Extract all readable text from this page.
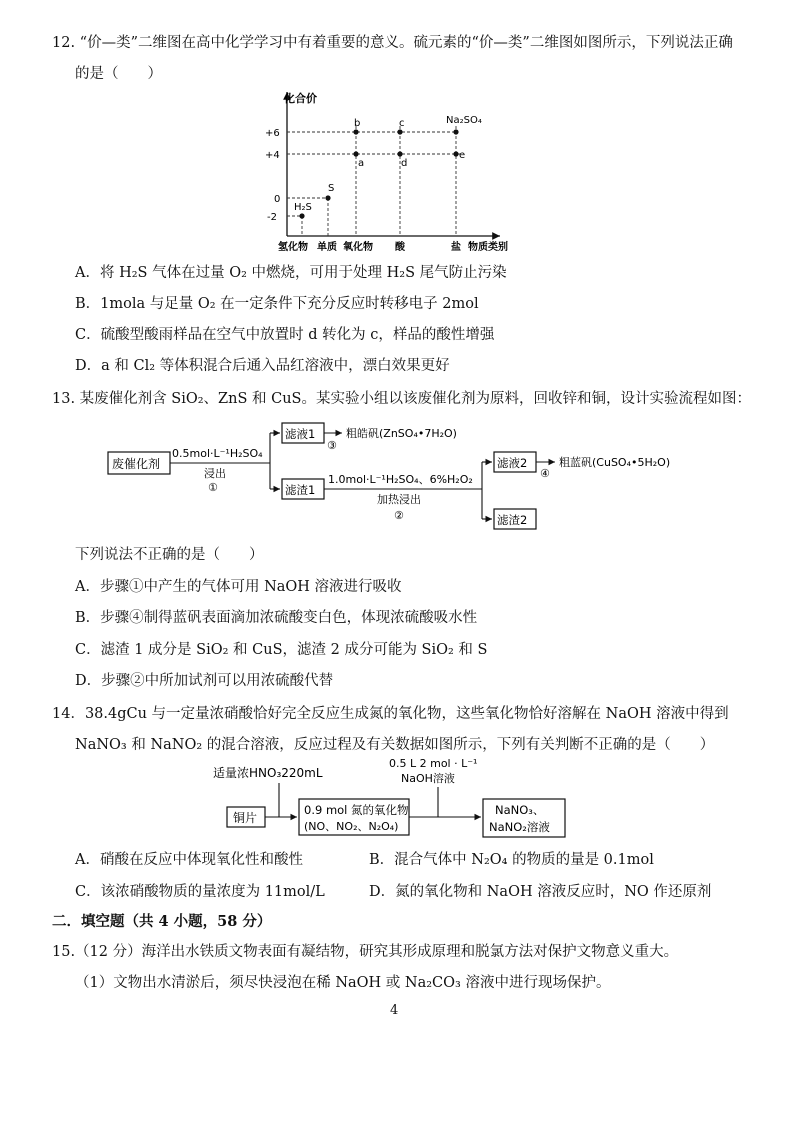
12. “价—类”二维图在高中化学学习中有着重要的意义。硫元素的“价—类”二维图如图所示，下列说法正确
的是（　　）
化合价
+6
+4
0
-2
H₂S
S
b
a
c
d
e
Na₂SO₄
氢化物 单质 氧化物 酸	盐 物质类别
A．将 H₂S 气体在过量 O₂ 中燃烧，可用于处理 H₂S 尾气防止污染
B．1mola 与足量 O₂ 在一定条件下充分反应时转移电子 2mol
C．硫酸型酸雨样品在空气中放置时 d 转化为 c，样品的酸性增强
D．a 和 Cl₂ 等体积混合后通入品红溶液中，漂白效果更好
13. 某废催化剂含 SiO₂、ZnS 和 CuS。某实验小组以该废催化剂为原料，回收锌和铜，设计实验流程如图：
废催化剂
0.5mol·L⁻¹H₂SO₄
浸出
①
滤液1
③
粗皓矾(ZnSO₄•7H₂O)
滤渣1
1.0mol·L⁻¹H₂SO₄、6%H₂O₂
加热浸出
②
滤液2
④
粗蓝矾(CuSO₄•5H₂O)
滤渣2
下列说法不正确的是（　　）
A．步骤①中产生的气体可用 NaOH 溶液进行吸收
B．步骤④制得蓝矾表面滴加浓硫酸变白色，体现浓硫酸吸水性
C．滤渣 1 成分是 SiO₂ 和 CuS，滤渣 2 成分可能为 SiO₂ 和 S
D．步骤②中所加试剂可以用浓硫酸代替
14．38.4gCu 与一定量浓硝酸恰好完全反应生成氮的氧化物，这些氧化物恰好溶解在 NaOH 溶液中得到
NaNO₃ 和 NaNO₂ 的混合溶液，反应过程及有关数据如图所示，下列有关判断不正确的是（　　）
适量浓HNO₃220mL
0.5 L 2 mol · L⁻¹
NaOH溶液
铜片
0.9 mol 氮的氧化物
(NO、NO₂、N₂O₄)
NaNO₃、
NaNO₂溶液
A．硝酸在反应中体现氧化性和酸性	B．混合气体中 N₂O₄ 的物质的量是 0.1mol
C．该浓硝酸物质的量浓度为 11mol/L	D．氮的氧化物和 NaOH 溶液反应时，NO 作还原剂
二．填空题（共 4 小题，58 分）
15.（12 分）海洋出水铁质文物表面有凝结物，研究其形成原理和脱氯方法对保护文物意义重大。
（1）文物出水清淤后，须尽快浸泡在稀 NaOH 或 Na₂CO₃ 溶液中进行现场保护。
4
